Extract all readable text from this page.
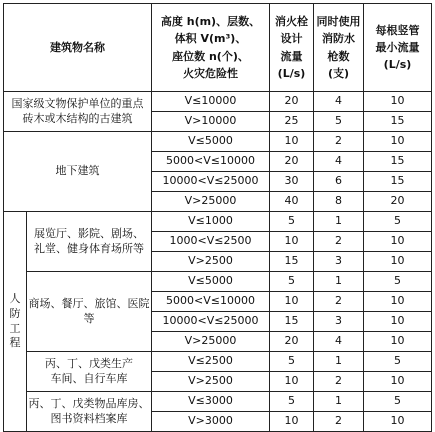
建筑物名称		高度 h(m)、层数、
体积 V(m³)、
座位数 n(个)、
火灾危险性	消火栓
设计
流量
(L/s)	同时使用
消防水
枪数
(支)	每根竖管
最小流量
(L/s)
国家级文物保护单位的重点
砖木或木结构的古建筑		V≤10000	20	4	10
		V>10000	25	5	15
地下建筑		V≤5000	10	2	10
		5000<V≤10000	20	4	15
		10000<V≤25000	30	6	15
		V>25000	40	8	20
人
防
工
程	展览厅、影院、剧场、
礼堂、健身体育场所等	V≤1000	5	1	5
		1000<V≤2500	10	2	10
		V>2500	15	3	10
	商场、餐厅、旅馆、医院等	V≤5000	5	1	5
		5000<V≤10000	10	2	10
		10000<V≤25000	15	3	10
		V>25000	20	4	10
	丙、丁、戊类生产
车间、自行车库	V≤2500	5	1	5
		V>2500	10	2	10
	丙、丁、戊类物品库房、
图书资料档案库	V≤3000	5	1	5
		V>3000	10	2	10
